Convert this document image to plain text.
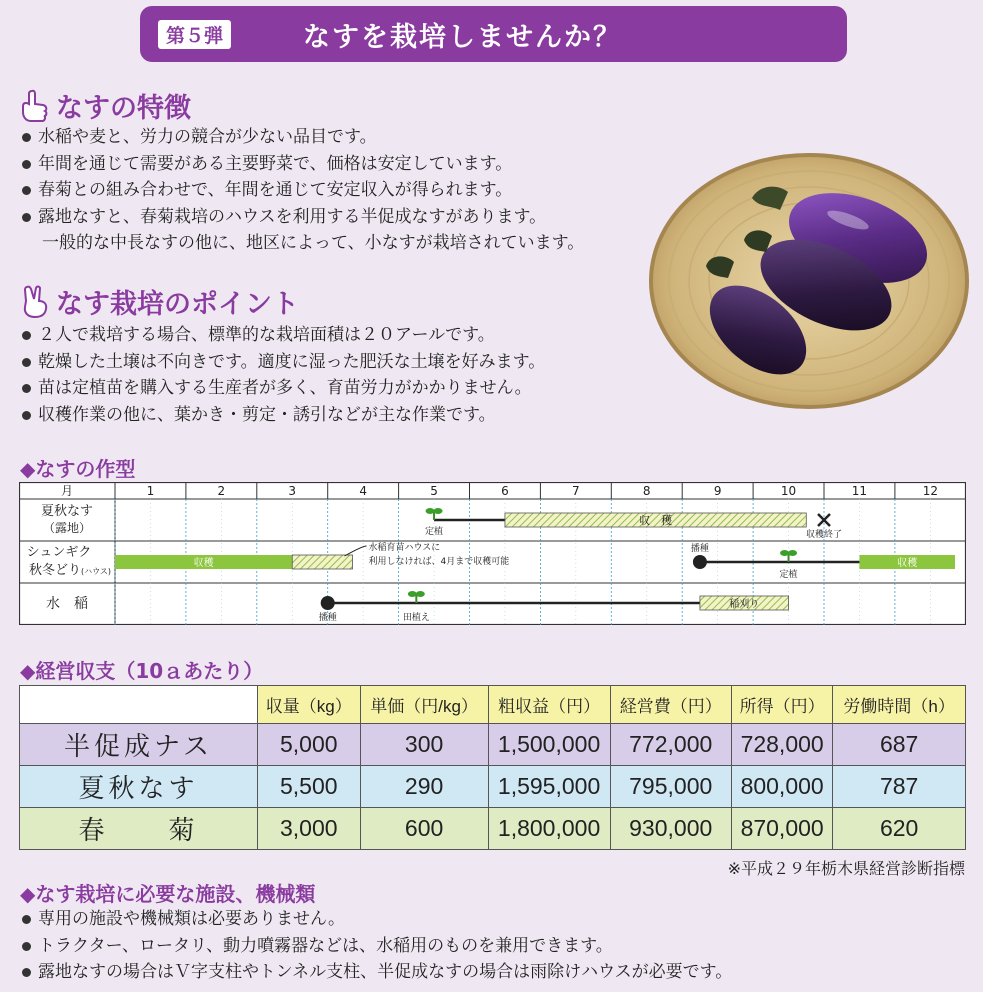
第５弾	なすを栽培しませんか？
なすの特徴
水稲や麦と、労力の競合が少ない品目です。
年間を通じて需要がある主要野菜で、価格は安定しています。
春菊との組み合わせで、年間を通じて安定収入が得られます。
露地なすと、春菊栽培のハウスを利用する半促成なすがあります。
一般的な中長なすの他に、地区によって、小なすが栽培されています。
なす栽培のポイント
２人で栽培する場合、標準的な栽培面積は２０アールです。
乾燥した土壌は不向きです。適度に湿った肥沃な土壌を好みます。
苗は定植苗を購入する生産者が多く、育苗労力がかかりません。
収穫作業の他に、葉かき・剪定・誘引などが主な作業です。
◆なすの作型
月	1	2	3	4	5	6	7	8	9	10	11	12
夏秋なす
（露地）
シュンギク
秋冬どり (ハウス)
水　稲
定植
収　穫
収穫終了
収穫
水稲育苗ハウスに
利用しなければ、4月まで収穫可能
播種
定植
収穫
播種	田植え
稲刈り
◆経営収支（10ａあたり）
	収量（kg）	単価（円/kg）	粗収益（円）	経営費（円）	所得（円）	労働時間（h）
半促成ナス	5,000	300	1,500,000	772,000	728,000	687
夏秋なす	5,500	290	1,595,000	795,000	800,000	787
春　　菊	3,000	600	1,800,000	930,000	870,000	620
※平成２９年栃木県経営診断指標
◆なす栽培に必要な施設、機械類
専用の施設や機械類は必要ありません。
トラクター、ロータリ、動力噴霧器などは、水稲用のものを兼用できます。
露地なすの場合はＶ字支柱やトンネル支柱、半促成なすの場合は雨除けハウスが必要です。
